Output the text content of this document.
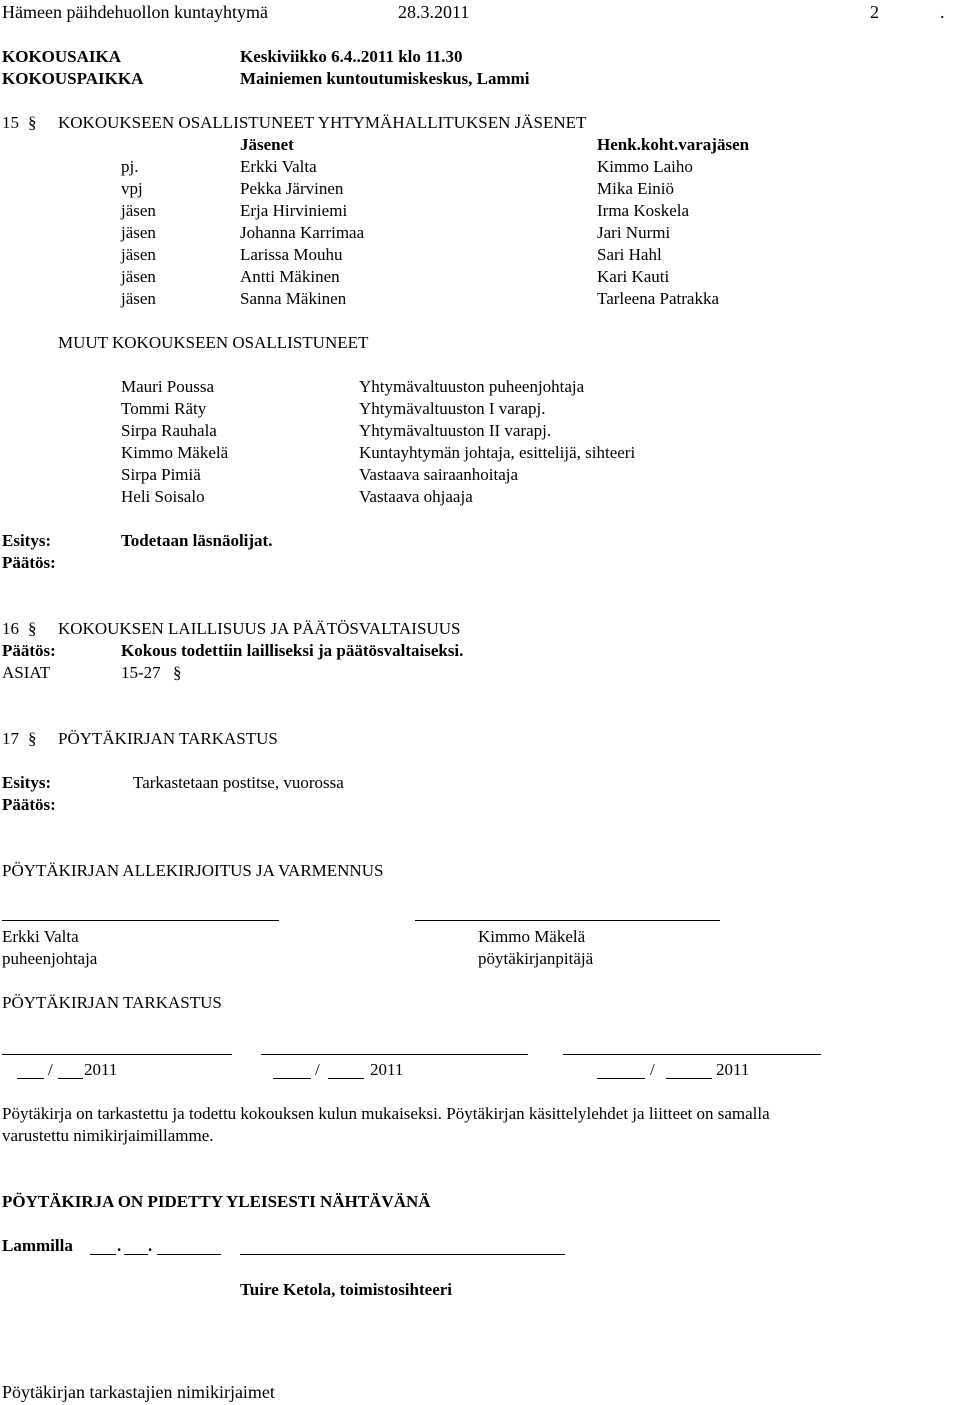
Hämeen päihdehuollon kuntayhtymä	28.3.2011	2	.
KOKOUSAIKA	Keskiviikko 6.4..2011 klo 11.30
KOKOUSPAIKKA	Mainiemen kuntoutumiskeskus, Lammi
15 § KOKOUKSEEN OSALLISTUNEET YHTYMÄHALLITUKSEN JÄSENET
Jäsenet	Henk.koht.varajäsen
pj.	Erkki Valta	Kimmo Laiho
vpj	Pekka Järvinen	Mika Einiö
jäsen	Erja Hirviniemi	Irma Koskela
jäsen	Johanna Karrimaa	Jari Nurmi
jäsen	Larissa Mouhu	Sari Hahl
jäsen	Antti Mäkinen	Kari Kauti
jäsen	Sanna Mäkinen	Tarleena Patrakka
MUUT KOKOUKSEEN OSALLISTUNEET
Mauri Poussa	Yhtymävaltuuston puheenjohtaja
Tommi Räty	Yhtymävaltuuston I varapj.
Sirpa Rauhala	Yhtymävaltuuston II varapj.
Kimmo Mäkelä	Kuntayhtymän johtaja, esittelijä, sihteeri
Sirpa Pimiä	Vastaava sairaanhoitaja
Heli Soisalo	Vastaava ohjaaja
Esitys:	Todetaan läsnäolijat.
Päätös:
16 § KOKOUKSEN LAILLISUUS JA PÄÄTÖSVALTAISUUS
Päätös:	Kokous todettiin lailliseksi ja päätösvaltaiseksi.
ASIAT	15-27 §
17 § PÖYTÄKIRJAN TARKASTUS
Esitys:	Tarkastetaan postitse, vuorossa
Päätös:
PÖYTÄKIRJAN ALLEKIRJOITUS JA VARMENNUS
Erkki Valta
puheenjohtaja
Kimmo Mäkelä
pöytäkirjanpitäjä
PÖYTÄKIRJAN TARKASTUS
/ 2011	/	2011	/	2011
Pöytäkirja on tarkastettu ja todettu kokouksen kulun mukaiseksi. Pöytäkirjan käsittelylehdet ja liitteet on samalla
varustettu nimikirjaimillamme.
PÖYTÄKIRJA ON PIDETTY YLEISESTI NÄHTÄVÄNÄ
Lammilla	. .
Tuire Ketola, toimistosihteeri
Pöytäkirjan tarkastajien nimikirjaimet
